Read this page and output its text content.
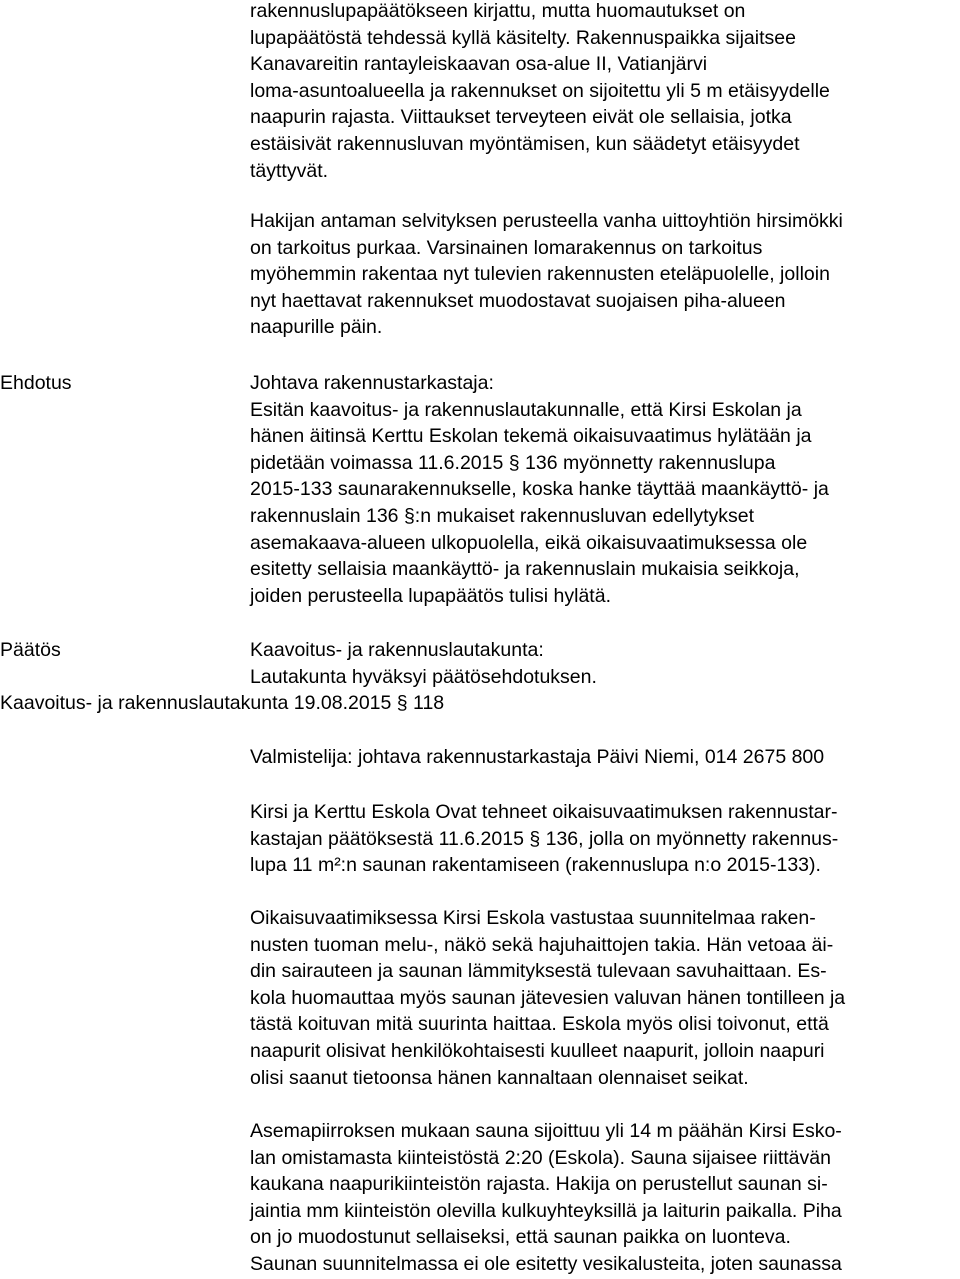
rakennuslupapäätökseen kirjattu, mutta huomautukset on
lupapäätöstä tehdessä kyllä käsitelty. Rakennuspaikka sijaitsee
Kanavareitin rantayleiskaavan osa-alue II, Vatianjärvi
loma-asuntoalueella ja rakennukset on sijoitettu yli 5 m etäisyydelle
naapurin rajasta. Viittaukset terveyteen eivät ole sellaisia, jotka
estäisivät rakennusluvan myöntämisen, kun säädetyt etäisyydet
täyttyvät.
Hakijan antaman selvityksen perusteella vanha uittoyhtiön hirsimökki
on tarkoitus purkaa. Varsinainen lomarakennus on tarkoitus
myöhemmin rakentaa nyt tulevien rakennusten eteläpuolelle, jolloin
nyt haettavat rakennukset muodostavat suojaisen piha-alueen
naapurille päin.
Ehdotus	Johtava rakennustarkastaja:
Esitän kaavoitus- ja rakennuslautakunnalle, että Kirsi Eskolan ja
hänen äitinsä Kerttu Eskolan tekemä oikaisuvaatimus hylätään ja
pidetään voimassa 11.6.2015 § 136 myönnetty rakennuslupa
2015-133 saunarakennukselle, koska hanke täyttää maankäyttö- ja
rakennuslain 136 §:n mukaiset rakennusluvan edellytykset
asemakaava-alueen ulkopuolella, eikä oikaisuvaatimuksessa ole
esitetty sellaisia maankäyttö- ja rakennuslain mukaisia seikkoja,
joiden perusteella lupapäätös tulisi hylätä.
Päätös	Kaavoitus- ja rakennuslautakunta:
Lautakunta hyväksyi päätösehdotuksen.
Kaavoitus- ja rakennuslautakunta 19.08.2015 § 118
Valmistelija: johtava rakennustarkastaja Päivi Niemi, 014 2675 800
Kirsi ja Kerttu Eskola Ovat tehneet oikaisuvaatimuksen rakennustar-
kastajan päätöksestä 11.6.2015 § 136, jolla on myönnetty rakennus-
lupa 11 m²:n saunan rakentamiseen (rakennuslupa n:o 2015-133).
Oikaisuvaatimiksessa Kirsi Eskola vastustaa suunnitelmaa raken-
nusten tuoman melu-, näkö sekä hajuhaittojen takia. Hän vetoaa äi-
din sairauteen ja saunan lämmityksestä tulevaan savuhaittaan. Es-
kola huomauttaa myös saunan jätevesien valuvan hänen tontilleen ja
tästä koituvan mitä suurinta haittaa. Eskola myös olisi toivonut, että
naapurit olisivat henkilökohtaisesti kuulleet naapurit, jolloin naapuri
olisi saanut tietoonsa hänen kannaltaan olennaiset seikat.
Asemapiirroksen mukaan sauna sijoittuu yli 14 m päähän Kirsi Esko-
lan omistamasta kiinteistöstä 2:20 (Eskola). Sauna sijaisee riittävän
kaukana naapurikiinteistön rajasta. Hakija on perustellut saunan si-
jaintia mm kiinteistön olevilla kulkuyhteyksillä ja laiturin paikalla. Piha
on jo muodostunut sellaiseksi, että saunan paikka on luonteva.
Saunan suunnitelmassa ei ole esitetty vesikalusteita, joten saunassa
